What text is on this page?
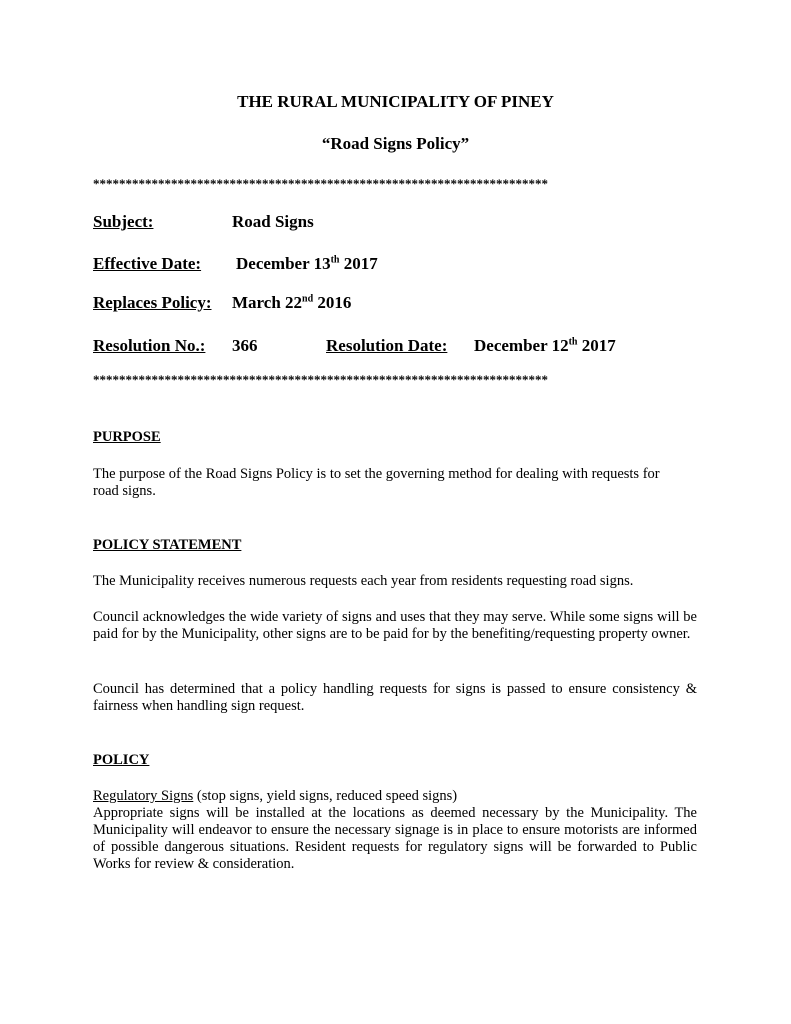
THE RURAL MUNICIPALITY OF PINEY
“Road Signs Policy”
**********************************************************************
Subject:	Road Signs
Effective Date: December 13th 2017
Replaces Policy: March 22nd 2016
Resolution No.: 366	Resolution Date: December 12th 2017
**********************************************************************
PURPOSE
The purpose of the Road Signs Policy is to set the governing method for dealing with requests for road signs.
POLICY STATEMENT
The Municipality receives numerous requests each year from residents requesting road signs.
Council acknowledges the wide variety of signs and uses that they may serve. While some signs will be paid for by the Municipality, other signs are to be paid for by the benefiting/requesting property owner.
Council has determined that a policy handling requests for signs is passed to ensure consistency & fairness when handling sign request.
POLICY
Regulatory Signs (stop signs, yield signs, reduced speed signs)
Appropriate signs will be installed at the locations as deemed necessary by the Municipality. The Municipality will endeavor to ensure the necessary signage is in place to ensure motorists are informed of possible dangerous situations. Resident requests for regulatory signs will be forwarded to Public Works for review & consideration.
